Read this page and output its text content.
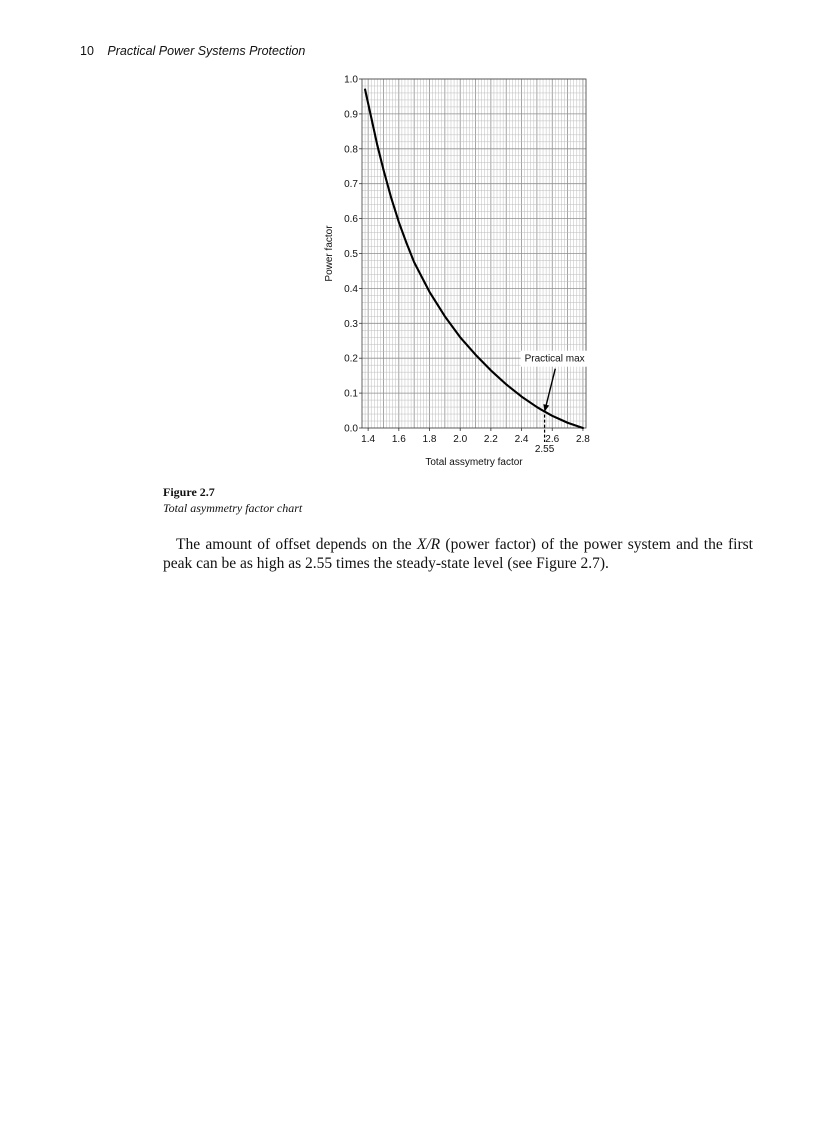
10 Practical Power Systems Protection
0.0
0.1
0.2
0.3
0.4
0.5
0.6
0.7
0.8
0.9
1.0
1.4 1.6 1.8 2.0 2.2 2.4 2.6 2.8
Practical max
2.55
Total assymetry factor
Power factor
Figure 2.7
Total asymmetry factor chart

The amount of offset depends on the X/R (power factor) of the power system and the first peak can be as high as 2.55 times the steady-state level (see Figure 2.7).
